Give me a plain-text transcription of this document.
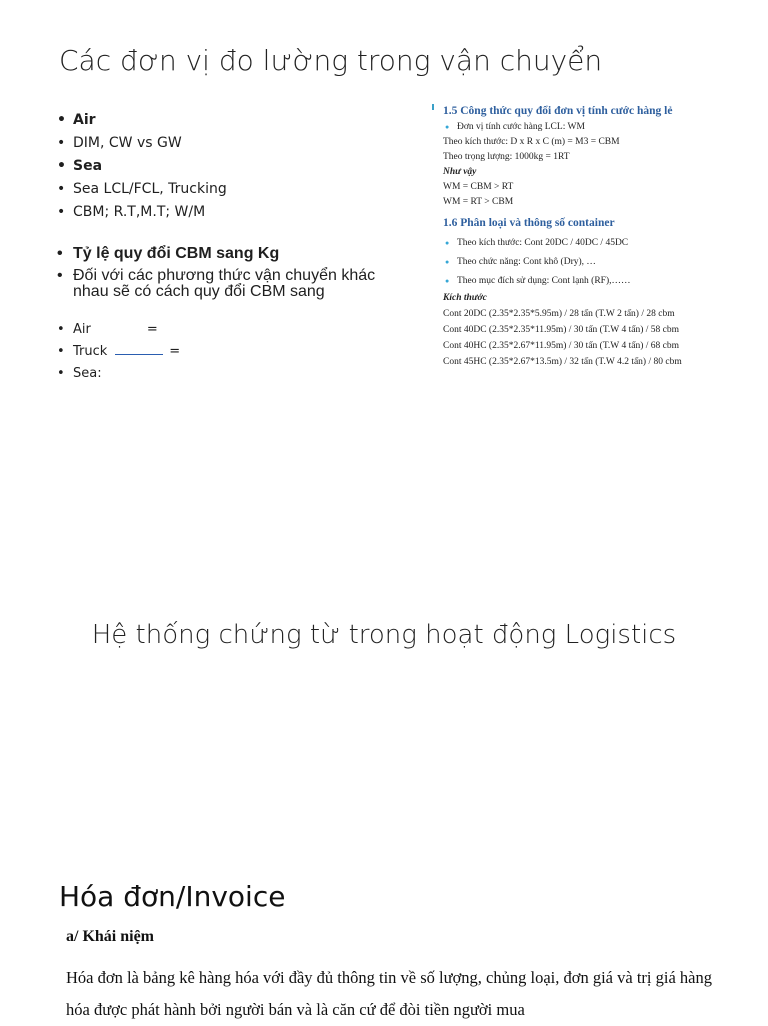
Các đơn vị đo lường trong vận chuyển
• Air
• DIM, CW vs GW
• Sea
• Sea LCL/FCL, Trucking
• CBM; R.T,M.T; W/M
• Tỷ lệ quy đổi CBM sang Kg
• Đối với các phương thức vận chuyển khác nhau sẽ có cách quy đổi CBM sang
• Air	=
• Truck	=
• Sea:
1.5 Công thức quy đổi đơn vị tính cước hàng lẻ
● Đơn vị tính cước hàng LCL: WM
Theo kích thước: D x R x C (m) = M3 = CBM
Theo trọng lượng: 1000kg = 1RT
Như vậy
WM = CBM > RT
WM = RT > CBM
1.6 Phân loại và thông số container
● Theo kích thước: Cont 20DC / 40DC / 45DC
● Theo chức năng: Cont khô (Dry), …
● Theo mục đích sử dụng: Cont lạnh (RF),……
Kích thước
Cont 20DC (2.35*2.35*5.95m) / 28 tấn (T.W 2 tấn) / 28 cbm
Cont 40DC (2.35*2.35*11.95m) / 30 tấn (T.W 4 tấn) / 58 cbm
Cont 40HC (2.35*2.67*11.95m) / 30 tấn (T.W 4 tấn) / 68 cbm
Cont 45HC (2.35*2.67*13.5m) / 32 tấn (T.W 4.2 tấn) / 80 cbm
Hệ thống chứng từ trong hoạt động Logistics
Hóa đơn/Invoice
a/ Khái niệm
Hóa đơn là bảng kê hàng hóa với đầy đủ thông tin về số lượng, chủng loại, đơn giá và trị giá hàng hóa được phát hành bởi người bán và là căn cứ để đòi tiền người mua
